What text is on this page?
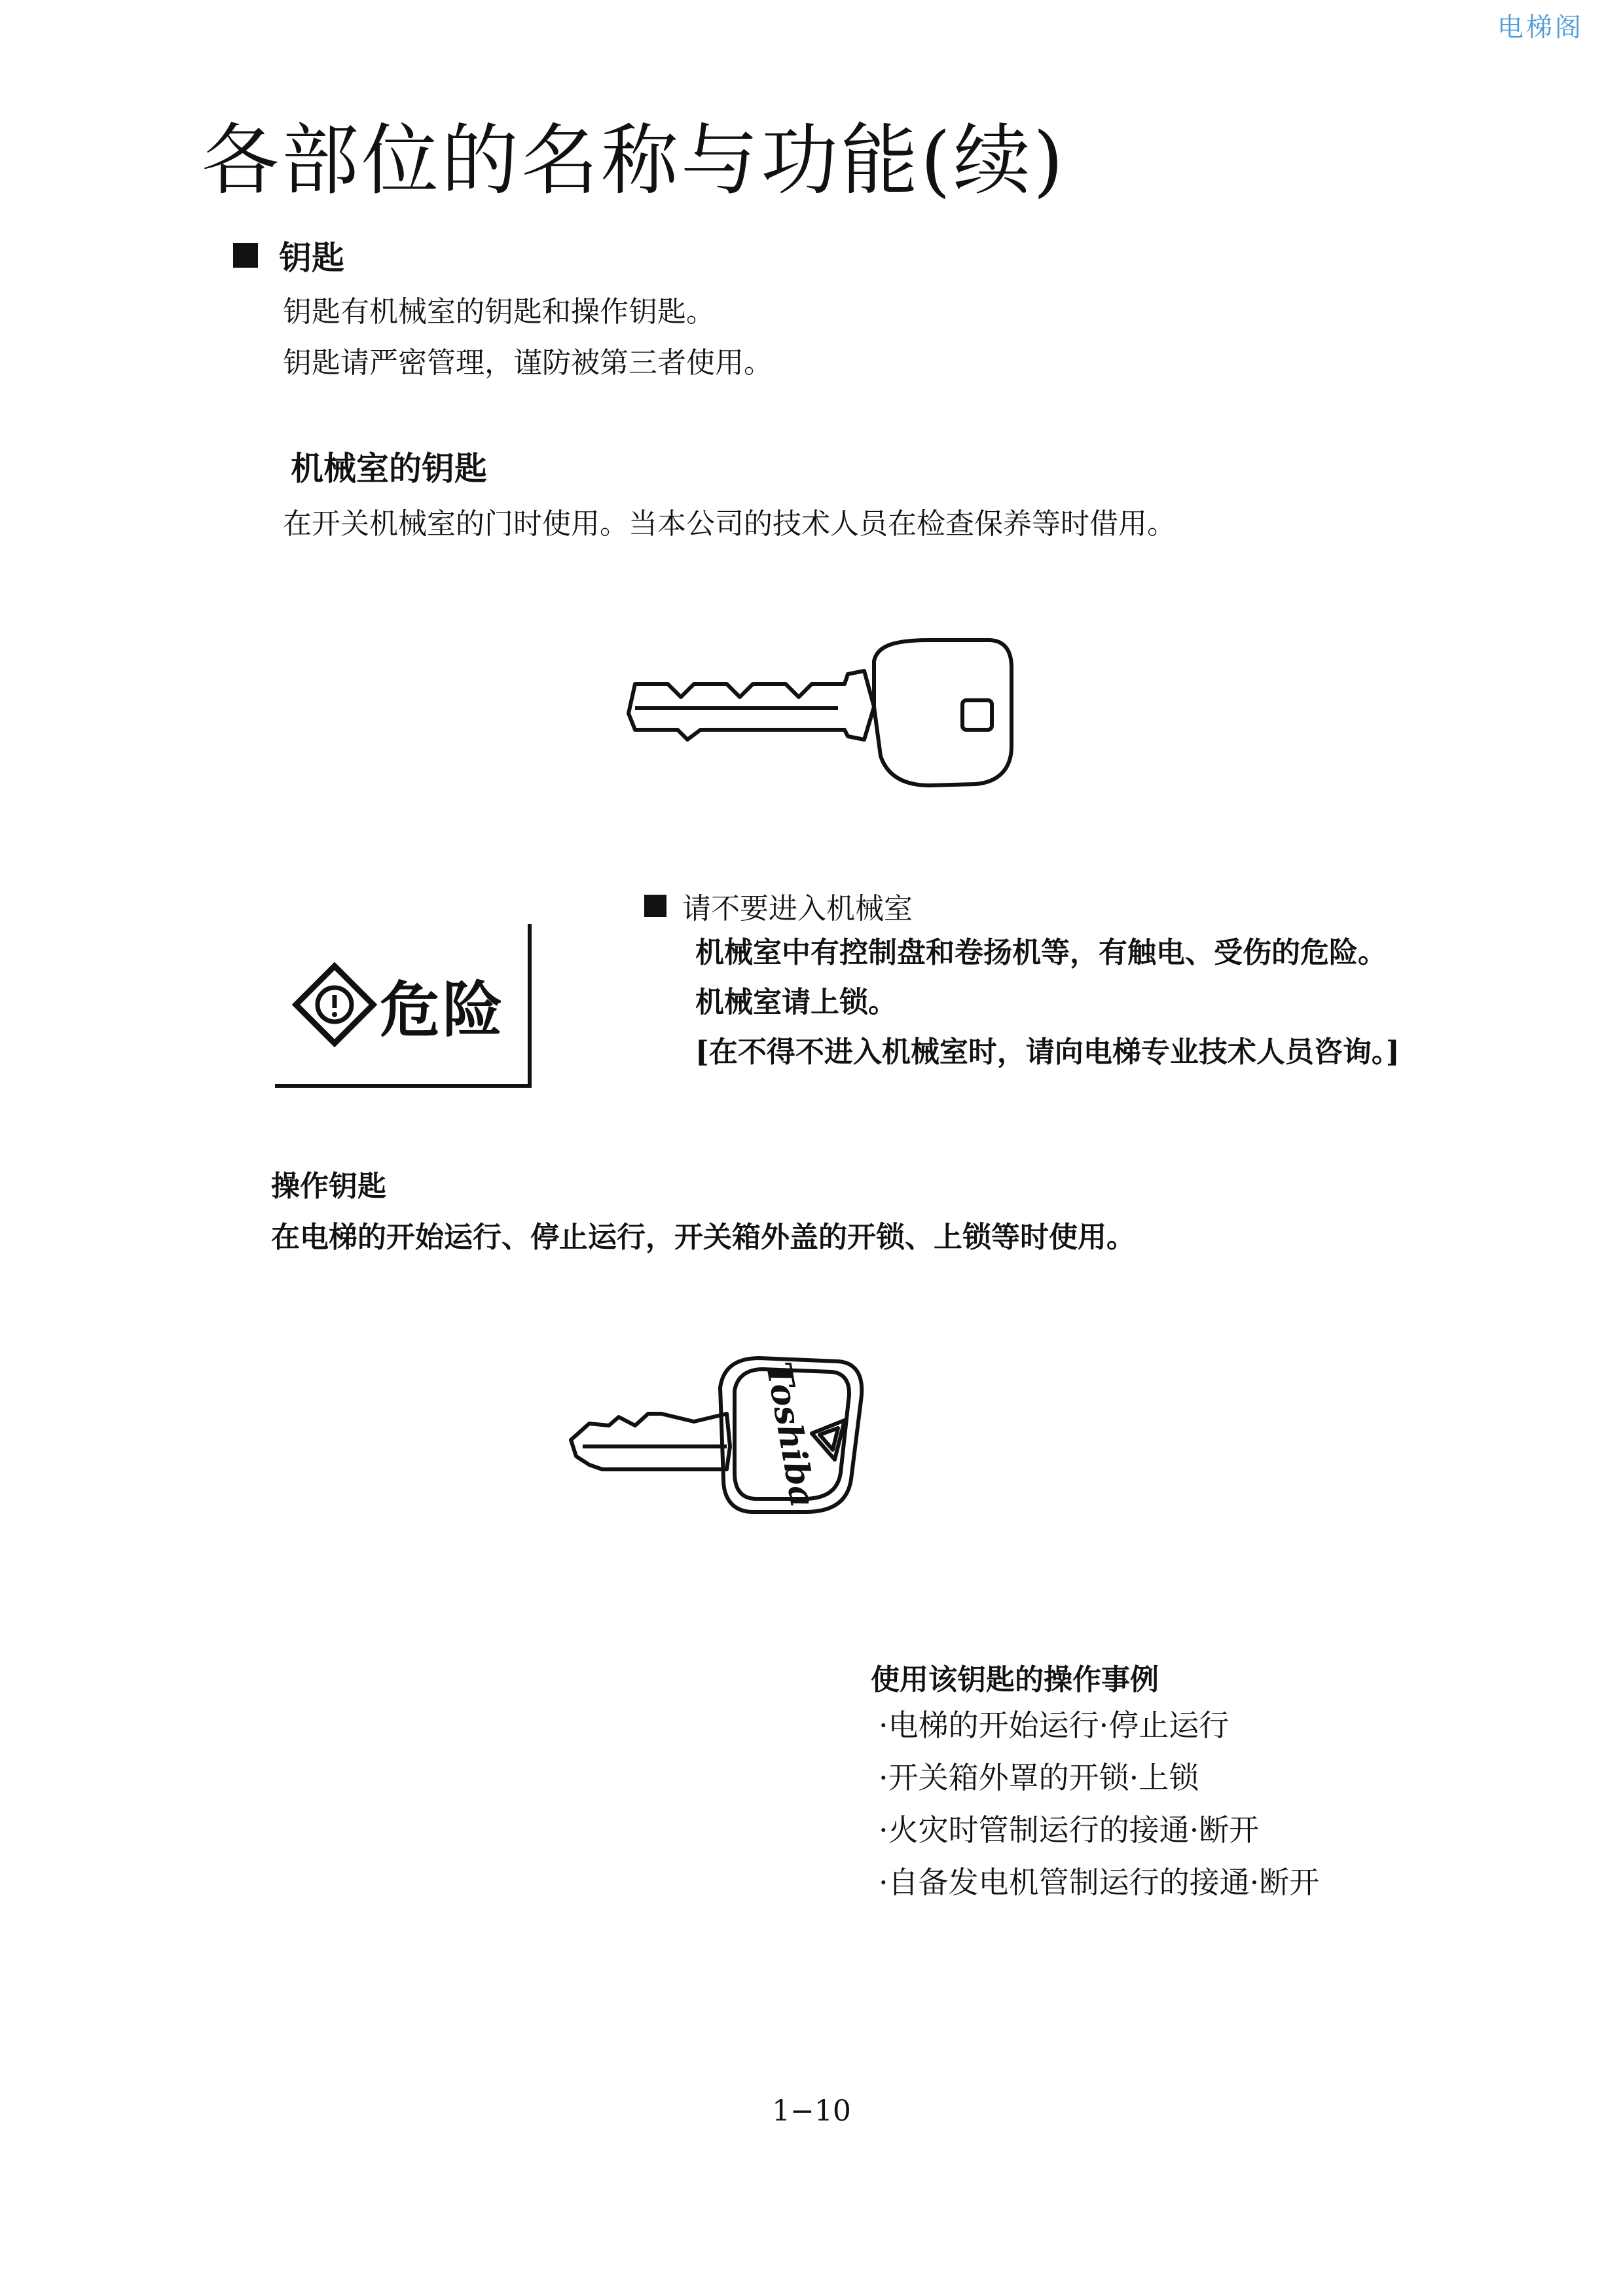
电梯阁
各部位的名称与功能(续)
钥匙
钥匙有机械室的钥匙和操作钥匙。
钥匙请严密管理，谨防被第三者使用。
机械室的钥匙
在开关机械室的门时使用。当本公司的技术人员在检查保养等时借用。
危险
请不要进入机械室
机械室中有控制盘和卷扬机等，有触电、受伤的危险。
机械室请上锁。
[在不得不进入机械室时，请向电梯专业技术人员咨询。]
操作钥匙
在电梯的开始运行、停止运行，开关箱外盖的开锁、上锁等时使用。
Toshiba
使用该钥匙的操作事例
·电梯的开始运行·停止运行
·开关箱外罩的开锁·上锁
·火灾时管制运行的接通·断开
·自备发电机管制运行的接通·断开
1−10
